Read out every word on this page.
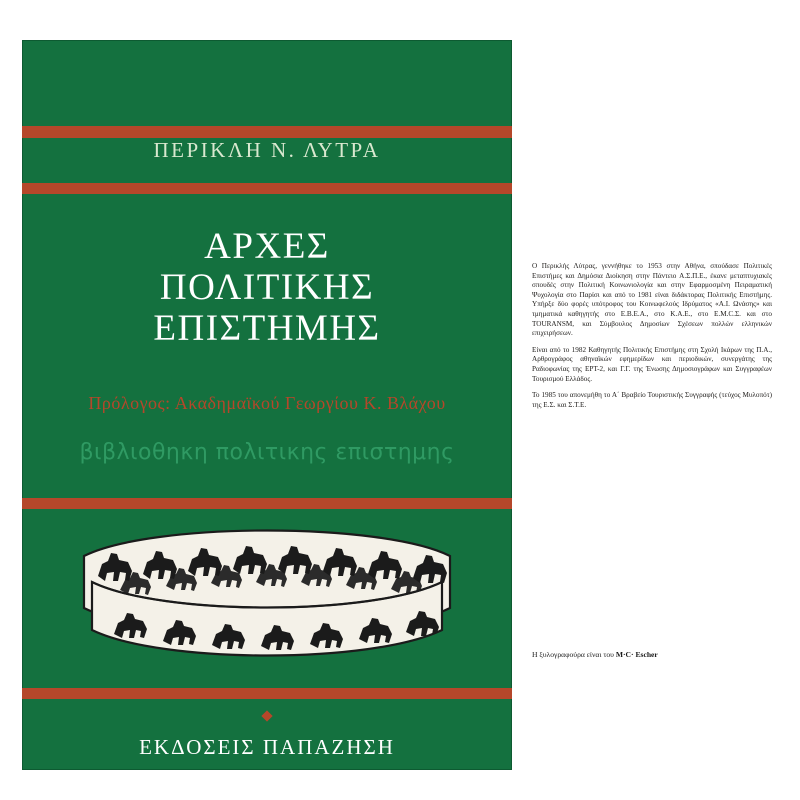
ΠΕΡΙΚΛΗ Ν. ΛΥΤΡΑ
ΑΡΧΕΣ
ΠΟΛΙΤΙΚΗΣ
ΕΠΙΣΤΗΜΗΣ
Πρόλογος: Ακαδημαϊκού Γεωργίου Κ. Βλάχου
βιβλιοθηκη πολιτικης επιστημης
ΕΚΔΟΣΕΙΣ ΠΑΠΑΖΗΣΗ

Ο Περικλής Λύτρας, γεννήθηκε το 1953 στην Αθήνα, σπούδασε Πολιτικές Επιστήμες και Δημόσια Διοίκηση στην Πάντειο Α.Σ.Π.Ε., έκανε μεταπτυχιακές σπουδές στην Πολιτική Κοινωνιολογία και στην Εφαρμοσμένη Πειραματική Ψυχολογία στο Παρίσι και από το 1981 είναι διδάκτορας Πολιτικής Επιστήμης. Υπήρξε δύο φορές υπότροφος του Κοινωφελούς Ιδρύματος «Α.Ι. Ωνάσης» και τμηματικά καθηγητής στο Ε.Β.Ε.Α., στο Κ.Α.Ε., στο Ε.Μ.С.Σ. και στο TOURANSM, και Σύμβουλος Δημοσίων Σχέσεων πολλών ελληνικών επιχειρήσεων.

Είναι από το 1982 Καθηγητής Πολιτικής Επιστήμης στη Σχολή Ικάρων της Π.Α., Αρθρογράφος αθηναϊκών εφημερίδων και περιοδικών, συνεργάτης της Ραδιοφωνίας της ΕΡΤ-2, και Γ.Γ. της Ένωσης Δημοσιογράφων και Συγγραφέων Τουρισμού Ελλάδος.

Το 1985 του απονεμήθη το Α΄ Βραβείο Τουριστικής Συγγραφής (τεύχος Μυλοπότ) της Ε.Σ. και Σ.Τ.Ε.

Η ξυλογραφούρα είναι του M·C· Escher
